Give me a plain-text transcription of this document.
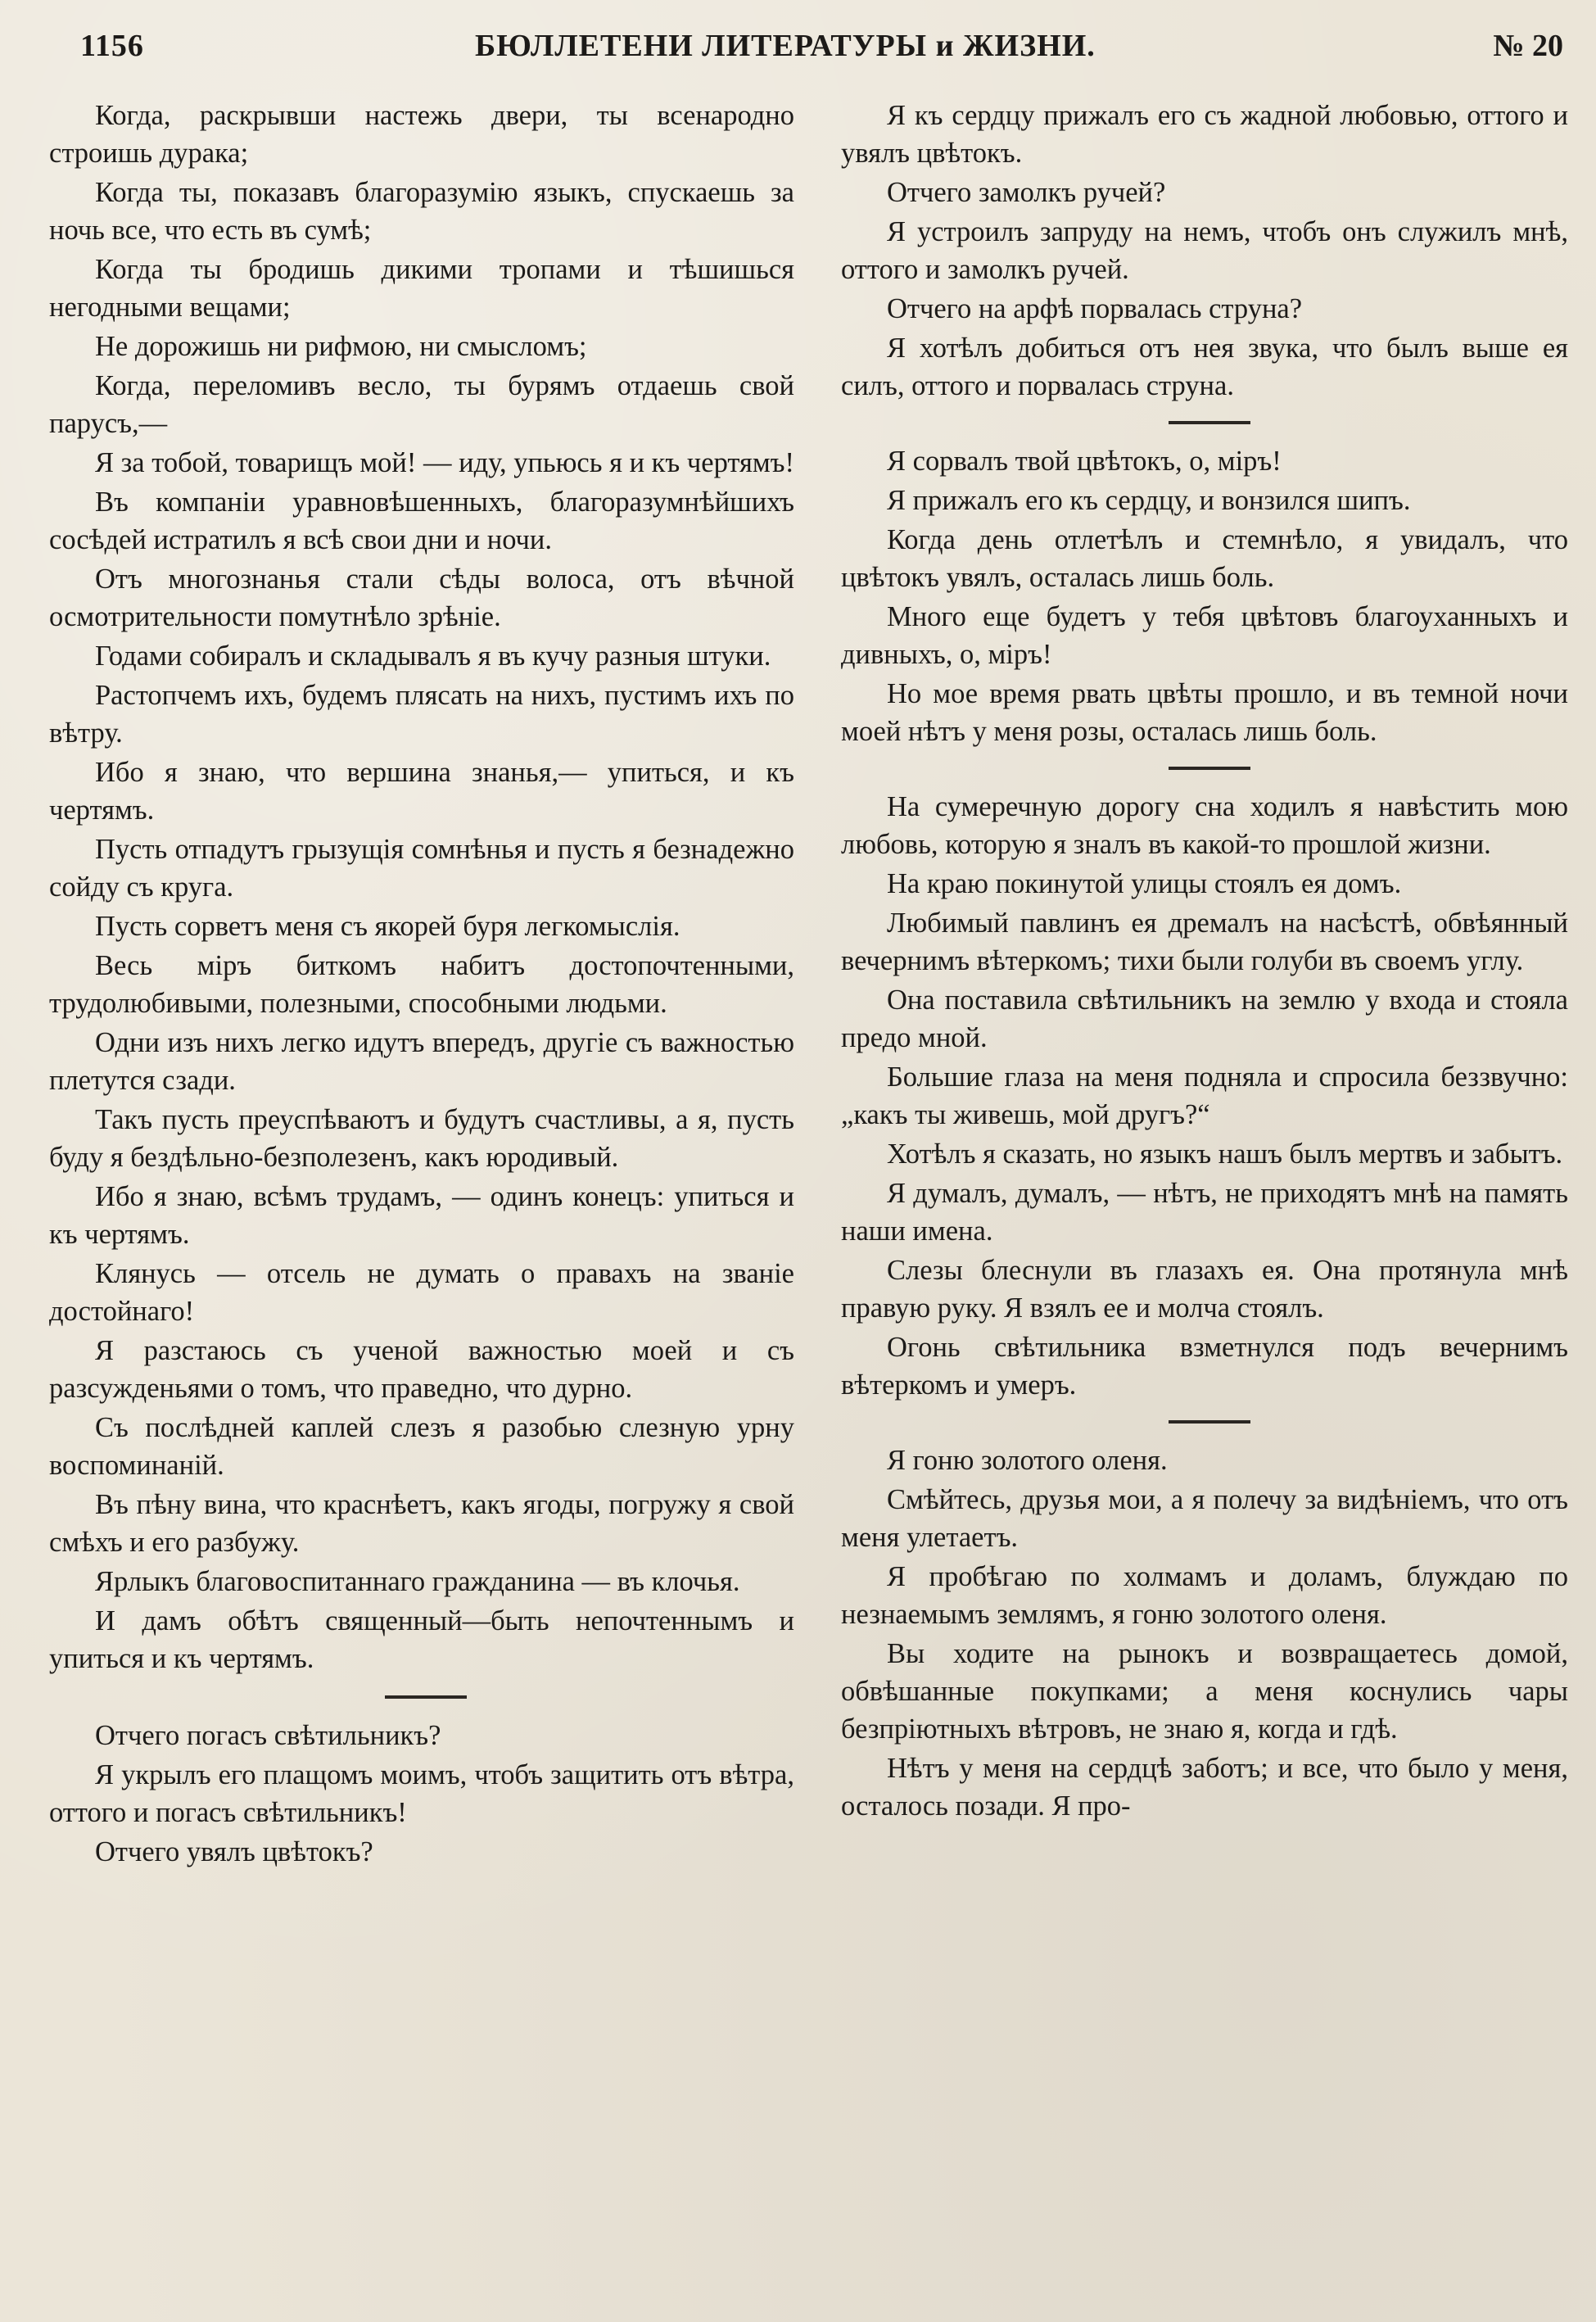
1156	БЮЛЛЕТЕНИ ЛИТЕРАТУРЫ и ЖИЗНИ.	№ 20

Когда, раскрывши настежь двери, ты всенародно строишь дурака;

Когда ты, показавъ благоразумію языкъ, спускаешь за ночь все, что есть въ сумѣ;

Когда ты бродишь дикими тропами и тѣшишься негодными вещами;

Не дорожишь ни рифмою, ни смысломъ;

Когда, переломивъ весло, ты бурямъ отдаешь свой парусъ,—

Я за тобой, товарищъ мой! — иду, упьюсь я и къ чертямъ!

Въ компаніи уравновѣшенныхъ, благоразумнѣйшихъ сосѣдей истратилъ я всѣ свои дни и ночи.

Отъ многознанья стали сѣды волоса, отъ вѣчной осмотрительности помутнѣло зрѣніе.

Годами собиралъ и складывалъ я въ кучу разныя штуки.

Растопчемъ ихъ, будемъ плясать на нихъ, пустимъ ихъ по вѣтру.

Ибо я знаю, что вершина знанья,— упиться, и къ чертямъ.

Пусть отпадутъ грызущія сомнѣнья и пусть я безнадежно сойду съ круга.

Пусть сорветъ меня съ якорей буря легкомыслія.

Весь міръ биткомъ набитъ достопочтенными, трудолюбивыми, полезными, способными людьми.

Одни изъ нихъ легко идутъ впередъ, другіе съ важностью плетутся сзади.

Такъ пусть преуспѣваютъ и будутъ счастливы, а я, пусть буду я бездѣльно-безполезенъ, какъ юродивый.

Ибо я знаю, всѣмъ трудамъ, — одинъ конецъ: упиться и къ чертямъ.

Клянусь — отсель не думать о правахъ на званіе достойнаго!

Я разстаюсь съ ученой важностью моей и съ разсужденьями о томъ, что праведно, что дурно.

Съ послѣдней каплей слезъ я разобью слезную урну воспоминаній.

Въ пѣну вина, что краснѣетъ, какъ ягоды, погружу я свой смѣхъ и его разбужу.

Ярлыкъ благовоспитаннаго гражданина — въ клочья.

И дамъ обѣтъ священный—быть непочтеннымъ и упиться и къ чертямъ.

Отчего погасъ свѣтильникъ?

Я укрылъ его плащомъ моимъ, чтобъ защитить отъ вѣтра, оттого и погасъ свѣтильникъ!

Отчего увялъ цвѣтокъ?

Я къ сердцу прижалъ его съ жадной любовью, оттого и увялъ цвѣтокъ.

Отчего замолкъ ручей?

Я устроилъ запруду на немъ, чтобъ онъ служилъ мнѣ, оттого и замолкъ ручей.

Отчего на арфѣ порвалась струна?

Я хотѣлъ добиться отъ нея звука, что былъ выше ея силъ, оттого и порвалась струна.

Я сорвалъ твой цвѣтокъ, о, міръ!

Я прижалъ его къ сердцу, и вонзился шипъ.

Когда день отлетѣлъ и стемнѣло, я увидалъ, что цвѣтокъ увялъ, осталась лишь боль.

Много еще будетъ у тебя цвѣтовъ благоуханныхъ и дивныхъ, о, міръ!

Но мое время рвать цвѣты прошло, и въ темной ночи моей нѣтъ у меня розы, осталась лишь боль.

На сумеречную дорогу сна ходилъ я навѣстить мою любовь, которую я зналъ въ какой-то прошлой жизни.

На краю покинутой улицы стоялъ ея домъ.

Любимый павлинъ ея дремалъ на насѣстѣ, обвѣянный вечернимъ вѣтеркомъ; тихи были голуби въ своемъ углу.

Она поставила свѣтильникъ на землю у входа и стояла предо мной.

Большие глаза на меня подняла и спросила беззвучно: „какъ ты живешь, мой другъ?“

Хотѣлъ я сказать, но языкъ нашъ былъ мертвъ и забытъ.

Я думалъ, думалъ, — нѣтъ, не приходятъ мнѣ на память наши имена.

Слезы блеснули въ глазахъ ея. Она протянула мнѣ правую руку. Я взялъ ее и молча стоялъ.

Огонь свѣтильника взметнулся подъ вечернимъ вѣтеркомъ и умеръ.

Я гоню золотого оленя.

Смѣйтесь, друзья мои, а я полечу за видѣніемъ, что отъ меня улетаетъ.

Я пробѣгаю по холмамъ и доламъ, блуждаю по незнаемымъ землямъ, я гоню золотого оленя.

Вы ходите на рынокъ и возвращаетесь домой, обвѣшанные покупками; а меня коснулись чары безпріютныхъ вѣтровъ, не знаю я, когда и гдѣ.

Нѣтъ у меня на сердцѣ заботъ; и все, что было у меня, осталось позади. Я про-
